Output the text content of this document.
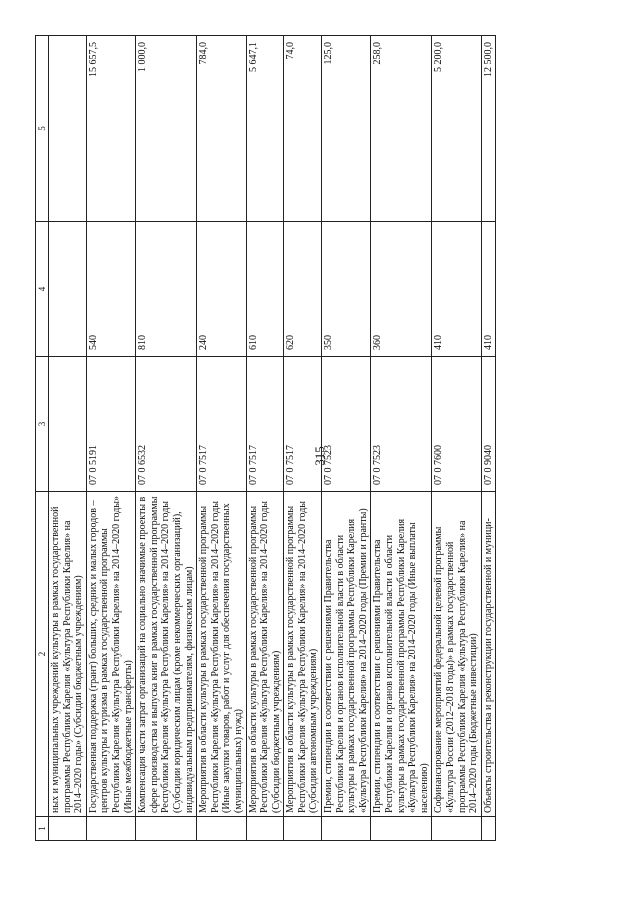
315
1	2	3	4	5
	ных и муниципальных учреждений культуры в рамках государственной программы Республики Карелия «Культура Республики Карелия» на 2014–2020 годы» (Субсидии бюджетным учреждениям)			
	Государственная поддержка (грант) больших, средних и малых городов – центров культуры и туризма в рамках государственной программы Республики Карелия «Культура Республики Карелия» на 2014–2020 годы» (Иные межбюджетные трансферты)	07 0 5191	540	15 657,5
	Компенсация части затрат организаций на социально значимые проекты в сфере производства и выпуска книг в рамках государственной программы Республики Карелия «Культура Республики Карелия» на 2014–2020 годы (Субсидии юридическим лицам (кроме некоммерческих организаций), индивидуальным предпринимателям, физическим лицам)	07 0 6532	810	1 000,0
	Мероприятия в области культуры в рамках государственной программы Республики Карелия «Культура Республики Карелия» на 2014–2020 годы (Иные закупки товаров, работ и услуг для обеспечения государственных (муниципальных) нужд)	07 0 7517	240	784,0
	Мероприятия в области культуры в рамках государственной программы Республики Карелия «Культура Республики Карелия» на 2014–2020 годы (Субсидии бюджетным учреждениям)	07 0 7517	610	5 647,1
	Мероприятия в области культуры в рамках государственной программы Республики Карелия «Культура Республики Карелия» на 2014–2020 годы (Субсидии автономным учреждениям)	07 0 7517	620	74,0
	Премии, стипендии в соответствии с решениями Правительства Республики Карелия и органов исполнительной власти в области культуры в рамках государственной программы Республики Карелия «Культура Республики Карелия» на 2014–2020 годы (Премии и гранты)	07 0 7523	350	125,0
	Премии, стипендии в соответствии с решениями Правительства Республики Карелия и органов исполнительной власти в области культуры в рамках государственной программы Республики Карелия «Культура Республики Карелия» на 2014–2020 годы (Иные выплаты населению)	07 0 7523	360	258,0
	Софинансирование мероприятий федеральной целевой программы «Культура России (2012–2018 годы)» в рамках государственной программы Республики Карелия «Культура Республики Карелия» на 2014–2020 годы (Бюджетные инвестиции)	07 0 7600	410	5 200,0
	Объекты строительства и реконструкции государственной и муници-	07 0 9040	410	12 500,0
